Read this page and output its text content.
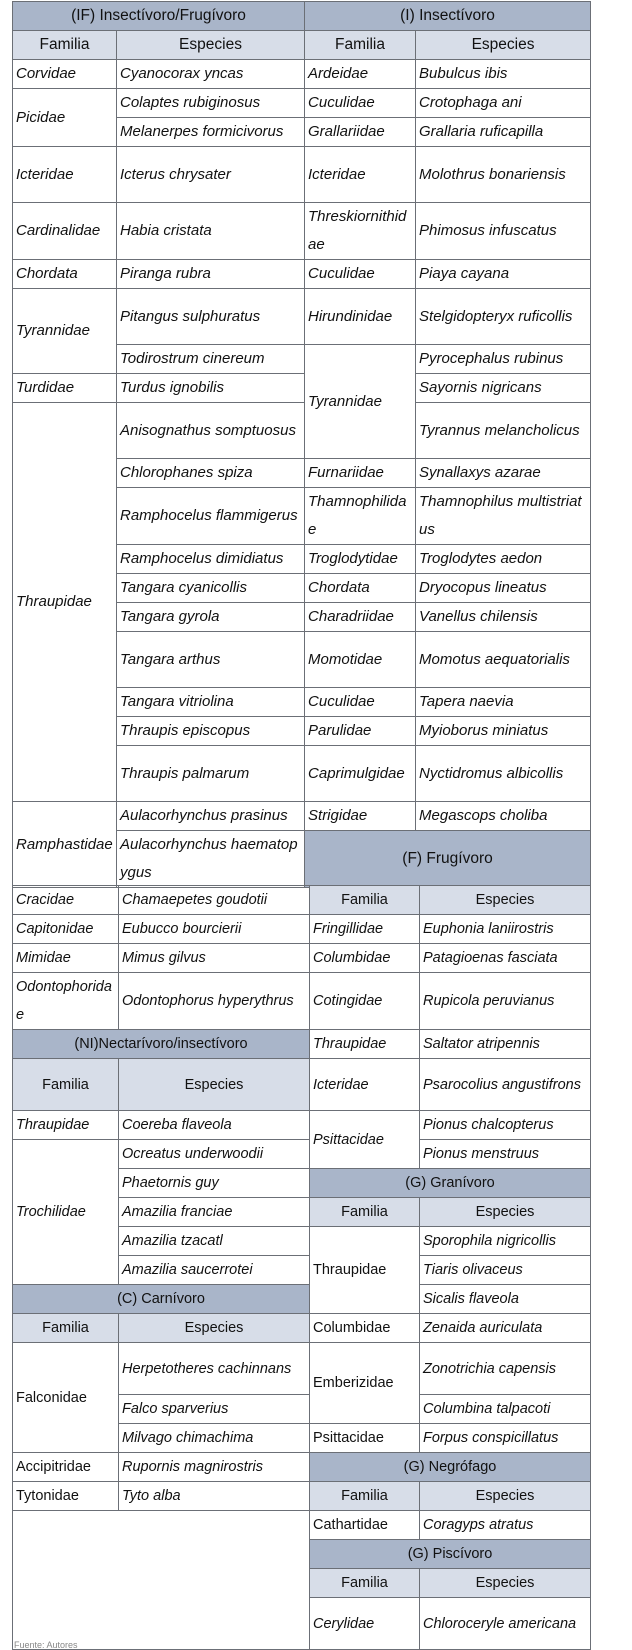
(IF) Insectívoro/Frugívoro		(I) Insectívoro	
Familia	Especies	Familia	Especies
Corvidae	Cyanocorax yncas	Ardeidae	Bubulcus ibis
Picidae	Colaptes rubiginosus	Cuculidae	Crotophaga ani
	Melanerpes formicivorus	Grallariidae	Grallaria ruficapilla
Icteridae	Icterus chrysater	Icteridae	Molothrus bonariensis
Cardinalidae	Habia cristata	Threskiornithidae	Phimosus infuscatus
Chordata	Piranga rubra	Cuculidae	Piaya cayana
Tyrannidae	Pitangus sulphuratus	Hirundinidae	Stelgidopteryx ruficollis
	Todirostrum cinereum	Tyrannidae	Pyrocephalus rubinus
Turdidae	Turdus ignobilis		Sayornis nigricans
Thraupidae	Anisognathus somptuosus		Tyrannus melancholicus
	Chlorophanes spiza	Furnariidae	Synallaxys azarae
	Ramphocelus flammigerus	Thamnophilidae	Thamnophilus multistriatus
	Ramphocelus dimidiatus	Troglodytidae	Troglodytes aedon
	Tangara cyanicollis	Chordata	Dryocopus lineatus
	Tangara gyrola	Charadriidae	Vanellus chilensis
	Tangara arthus	Momotidae	Momotus aequatorialis
	Tangara vitriolina	Cuculidae	Tapera naevia
	Thraupis episcopus	Parulidae	Myioborus miniatus
	Thraupis palmarum	Caprimulgidae	Nyctidromus albicollis
Ramphastidae	Aulacorhynchus prasinus	Strigidae	Megascops choliba
	Aulacorhynchus haematopygus	(F) Frugívoro	
Cracidae	Chamaepetes goudotii	Familia	Especies
Capitonidae	Eubucco bourcierii	Fringillidae	Euphonia laniirostris
Mimidae	Mimus gilvus	Columbidae	Patagioenas fasciata
Odontophoridae	Odontophorus hyperythrus	Cotingidae	Rupicola peruvianus
(NI)Nectarívoro/insectívoro		Thraupidae	Saltator atripennis
Familia	Especies	Icteridae	Psarocolius angustifrons
Thraupidae	Coereba flaveola	Psittacidae	Pionus chalcopterus
Trochilidae	Ocreatus underwoodii		Pionus menstruus
	Phaetornis guy	(G) Granívoro	
	Amazilia franciae	Familia	Especies
	Amazilia tzacatl	Thraupidae	Sporophila nigricollis
	Amazilia saucerrotei		Tiaris olivaceus
(C) Carnívoro			Sicalis flaveola
Familia	Especies	Columbidae	Zenaida auriculata
Falconidae	Herpetotheres cachinnans	Emberizidae	Zonotrichia capensis
	Falco sparverius		Columbina talpacoti
	Milvago chimachima	Psittacidae	Forpus conspicillatus
Accipitridae	Rupornis magnirostris	(G) Negrófago	
Tytonidae	Tyto alba	Familia	Especies
		Cathartidae	Coragyps atratus
		(G) Piscívoro	
		Familia	Especies
		Cerylidae	Chloroceryle americana
Fuente: Autores
